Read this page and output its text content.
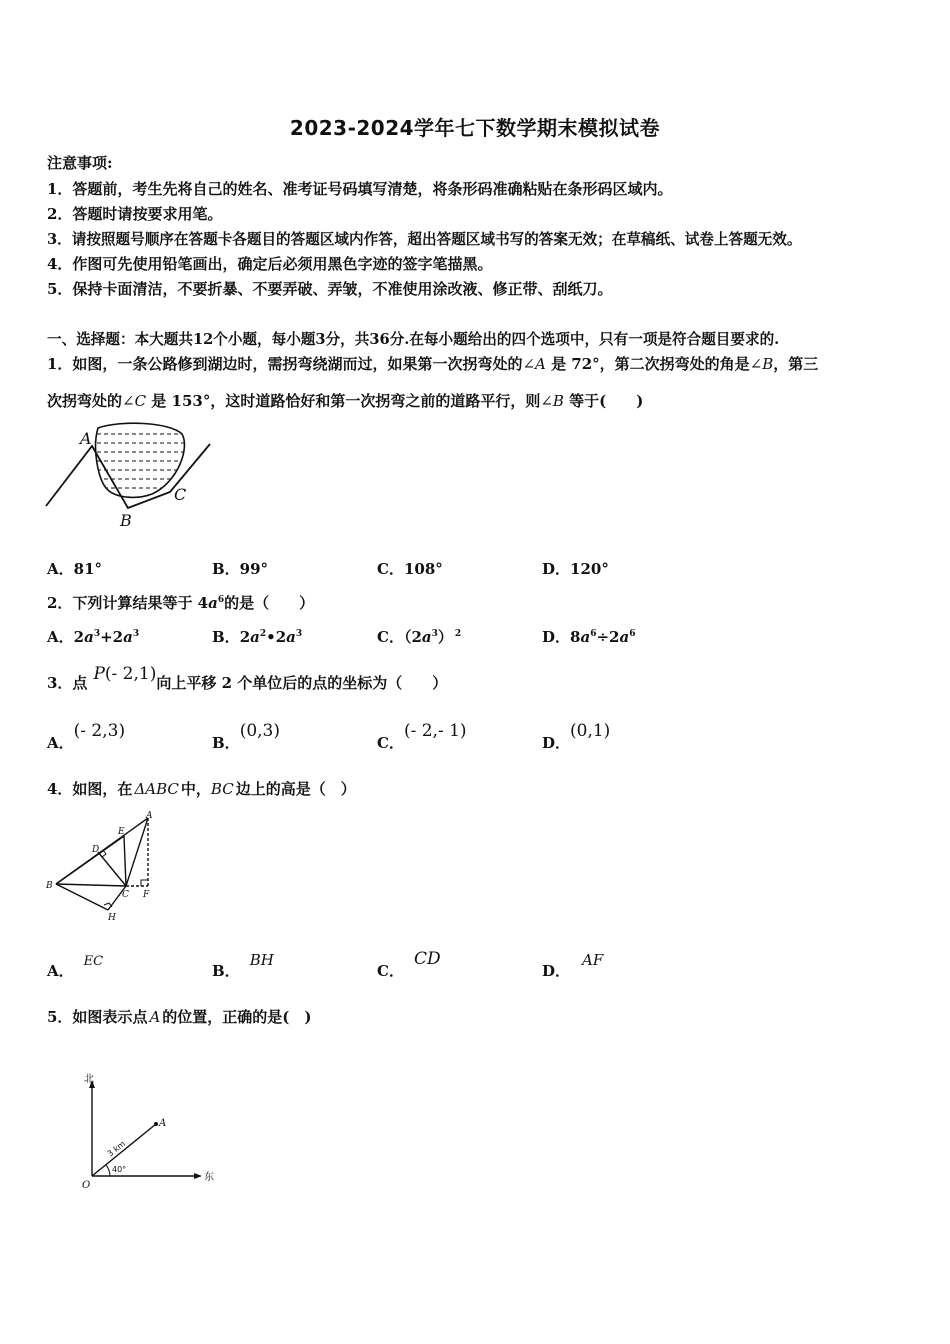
2023-2024学年七下数学期末模拟试卷
注意事项:
1．答题前，考生先将自己的姓名、准考证号码填写清楚，将条形码准确粘贴在条形码区域内。
2．答题时请按要求用笔。
3．请按照题号顺序在答题卡各题目的答题区域内作答，超出答题区域书写的答案无效；在草稿纸、试卷上答题无效。
4．作图可先使用铅笔画出，确定后必须用黑色字迹的签字笔描黑。
5．保持卡面清洁，不要折暴、不要弄破、弄皱，不准使用涂改液、修正带、刮纸刀。
一、选择题：本大题共12个小题，每小题3分，共36分.在每小题给出的四个选项中，只有一项是符合题目要求的.
1．如图，一条公路修到湖边时，需拐弯绕湖而过，如果第一次拐弯处的∠A 是 72°，第二次拐弯处的角是∠B，第三
次拐弯处的∠C 是 153°，这时道路恰好和第一次拐弯之前的道路平行，则∠B 等于(　　)
A
B
C
A．81°	B．99°	C．108°	D．120°
2．下列计算结果等于 $4a^6$的是（　　）
A．$2a^3+2a^3$	B．$2a^2•2a^3$	C．$(2a^3)$ $^2$	D．$8a^6\div 2a^6$
3．点 P(- 2,1)向上平移 2 个单位后的点的坐标为（　　）
A．(- 2,3)
B．(0,3)
C．(- 2,- 1)
D．(0,1)
4．如图，在 ΔABC 中，BC 边上的高是（　）
A
B
C
D
E
F
H
A．EC
B．BH
C．CD
D．AF
5．如图表示点 A 的位置，正确的是(　)
北
东
O
A
3 km
40°
